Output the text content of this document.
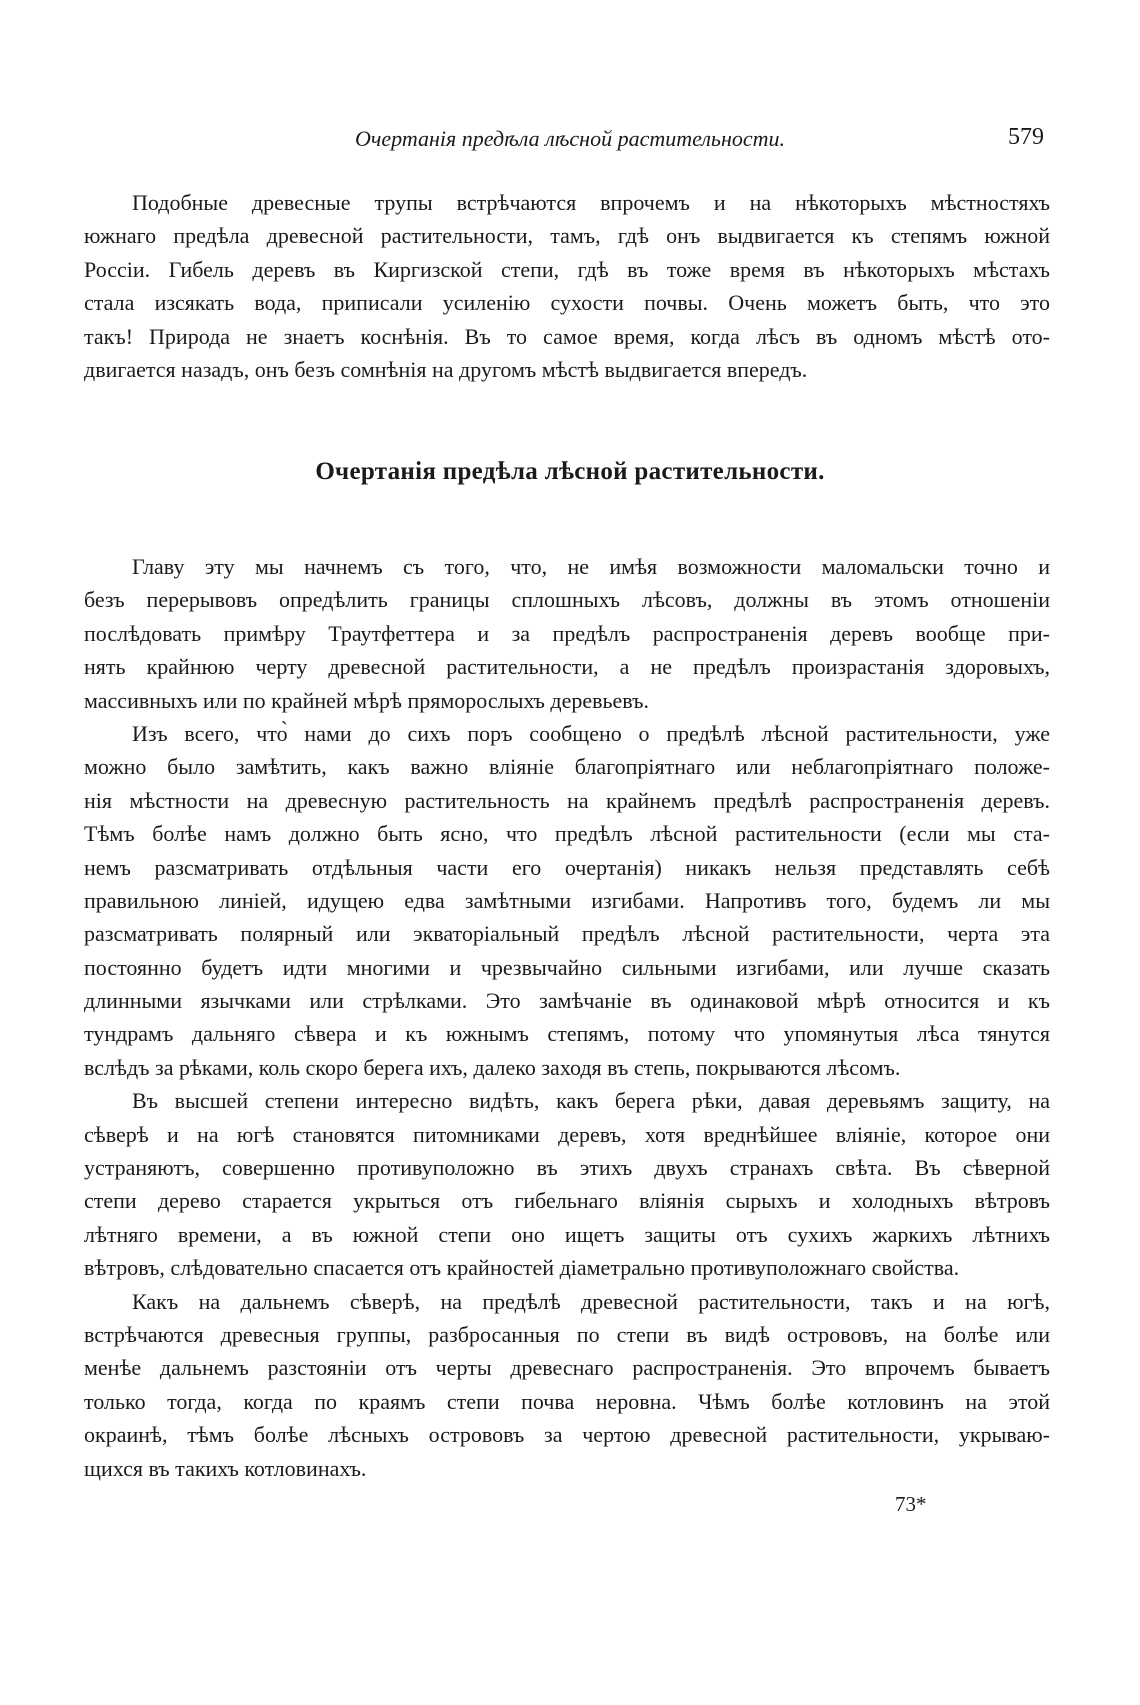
Очертанія предѣла лѣсной растительности.	579
Подобные древесные трупы встрѣчаются впрочемъ и на нѣкоторыхъ мѣстностяхъ
южнаго предѣла древесной растительности, тамъ, гдѣ онъ выдвигается къ степямъ южной
Россіи. Гибель деревъ въ Киргизской степи, гдѣ въ тоже время въ нѣкоторыхъ мѣстахъ
стала изсякать вода, приписали усиленію сухости почвы. Очень можетъ быть, что это
такъ! Природа не знаетъ коснѣнія. Въ то самое время, когда лѣсъ въ одномъ мѣстѣ ото-
двигается назадъ, онъ безъ сомнѣнія на другомъ мѣстѣ выдвигается впередъ.
Очертанія предѣла лѣсной растительности.
Главу эту мы начнемъ съ того, что, не имѣя возможности маломальски точно и
безъ перерывовъ опредѣлить границы сплошныхъ лѣсовъ, должны въ этомъ отношеніи
послѣдовать примѣру Траутфеттера и за предѣлъ распространенія деревъ вообще при-
нять крайнюю черту древесной растительности, а не предѣлъ произрастанія здоровыхъ,
массивныхъ или по крайней мѣрѣ пряморослыхъ деревьевъ.
Изъ всего, что̀ нами до сихъ поръ сообщено о предѣлѣ лѣсной растительности, уже
можно было замѣтить, какъ важно вліяніе благопріятнаго или неблагопріятнаго положе-
нія мѣстности на древесную растительность на крайнемъ предѣлѣ распространенія деревъ.
Тѣмъ болѣе намъ должно быть ясно, что предѣлъ лѣсной растительности (если мы ста-
немъ разсматривать отдѣльныя части его очертанія) никакъ нельзя представлять себѣ
правильною линіей, идущею едва замѣтными изгибами. Напротивъ того, будемъ ли мы
разсматривать полярный или экваторіальный предѣлъ лѣсной растительности, черта эта
постоянно будетъ идти многими и чрезвычайно сильными изгибами, или лучше сказать
длинными язычками или стрѣлками. Это замѣчаніе въ одинаковой мѣрѣ относится и къ
тундрамъ дальняго сѣвера и къ южнымъ степямъ, потому что упомянутыя лѣса тянутся
вслѣдъ за рѣками, коль скоро берега ихъ, далеко заходя въ степь, покрываются лѣсомъ.
Въ высшей степени интересно видѣть, какъ берега рѣки, давая деревьямъ защиту, на
сѣверѣ и на югѣ становятся питомниками деревъ, хотя вреднѣйшее вліяніе, которое они
устраняютъ, совершенно противуположно въ этихъ двухъ странахъ свѣта. Въ сѣверной
степи дерево старается укрыться отъ гибельнаго вліянія сырыхъ и холодныхъ вѣтровъ
лѣтняго времени, а въ южной степи оно ищетъ защиты отъ сухихъ жаркихъ лѣтнихъ
вѣтровъ, слѣдовательно спасается отъ крайностей діаметрально противуположнаго свойства.
Какъ на дальнемъ сѣверѣ, на предѣлѣ древесной растительности, такъ и на югѣ,
встрѣчаются древесныя группы, разбросанныя по степи въ видѣ острововъ, на болѣе или
менѣе дальнемъ разстояніи отъ черты древеснаго распространенія. Это впрочемъ бываетъ
только тогда, когда по краямъ степи почва неровна. Чѣмъ болѣе котловинъ на этой
окраинѣ, тѣмъ болѣе лѣсныхъ острововъ за чертою древесной растительности, укрываю-
щихся въ такихъ котловинахъ.
73*
